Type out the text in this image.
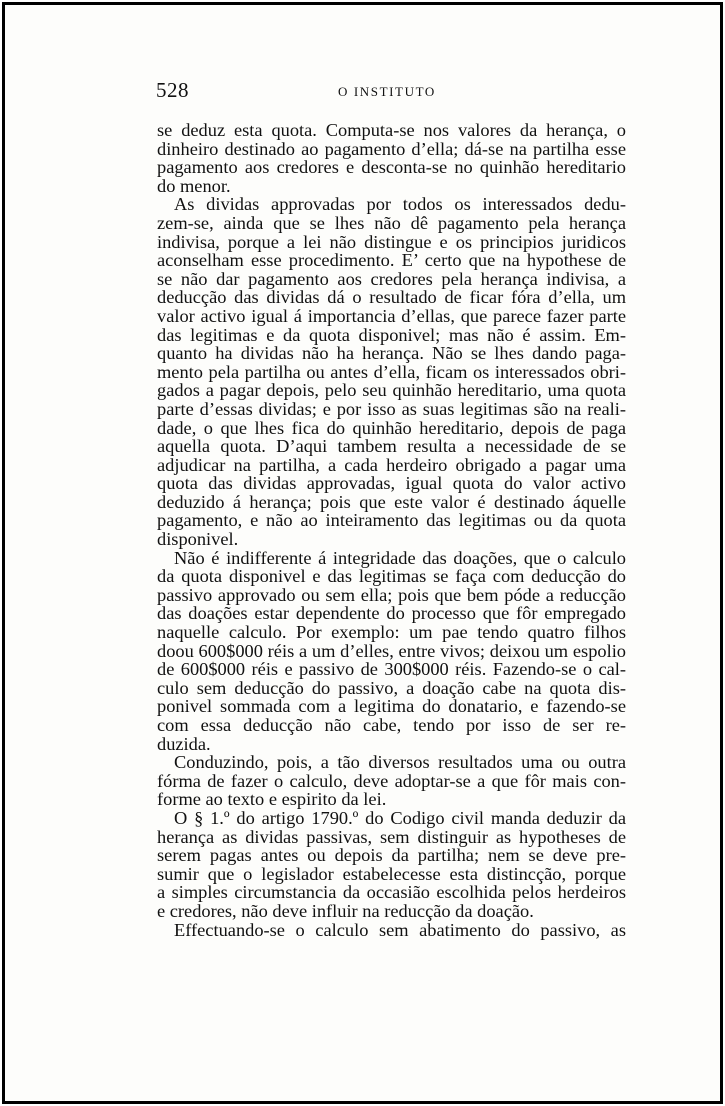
528	O INSTITUTO
se deduz esta quota. Computa-se nos valores da herança, o
dinheiro destinado ao pagamento d’ella; dá-se na partilha esse
pagamento aos credores e desconta-se no quinhão hereditario
do menor.
As dividas approvadas por todos os interessados dedu-
zem-se, ainda que se lhes não dê pagamento pela herança
indivisa, porque a lei não distingue e os principios juridicos
aconselham esse procedimento. E’ certo que na hypothese de
se não dar pagamento aos credores pela herança indivisa, a
deducção das dividas dá o resultado de ficar fóra d’ella, um
valor activo igual á importancia d’ellas, que parece fazer parte
das legitimas e da quota disponivel; mas não é assim. Em-
quanto ha dividas não ha herança. Não se lhes dando paga-
mento pela partilha ou antes d’ella, ficam os interessados obri-
gados a pagar depois, pelo seu quinhão hereditario, uma quota
parte d’essas dividas; e por isso as suas legitimas são na reali-
dade, o que lhes fica do quinhão hereditario, depois de paga
aquella quota. D’aqui tambem resulta a necessidade de se
adjudicar na partilha, a cada herdeiro obrigado a pagar uma
quota das dividas approvadas, igual quota do valor activo
deduzido á herança; pois que este valor é destinado áquelle
pagamento, e não ao inteiramento das legitimas ou da quota
disponivel.
Não é indifferente á integridade das doações, que o calculo
da quota disponivel e das legitimas se faça com deducção do
passivo approvado ou sem ella; pois que bem póde a reducção
das doações estar dependente do processo que fôr empregado
naquelle calculo. Por exemplo: um pae tendo quatro filhos
doou 600$000 réis a um d’elles, entre vivos; deixou um espolio
de 600$000 réis e passivo de 300$000 réis. Fazendo-se o cal-
culo sem deducção do passivo, a doação cabe na quota dis-
ponivel sommada com a legitima do donatario, e fazendo-se
com essa deducção não cabe, tendo por isso de ser re-
duzida.
Conduzindo, pois, a tão diversos resultados uma ou outra
fórma de fazer o calculo, deve adoptar-se a que fôr mais con-
forme ao texto e espirito da lei.
O § 1.º do artigo 1790.º do Codigo civil manda deduzir da
herança as dividas passivas, sem distinguir as hypotheses de
serem pagas antes ou depois da partilha; nem se deve pre-
sumir que o legislador estabelecesse esta distincção, porque
a simples circumstancia da occasião escolhida pelos herdeiros
e credores, não deve influir na reducção da doação.
Effectuando-se o calculo sem abatimento do passivo, as
